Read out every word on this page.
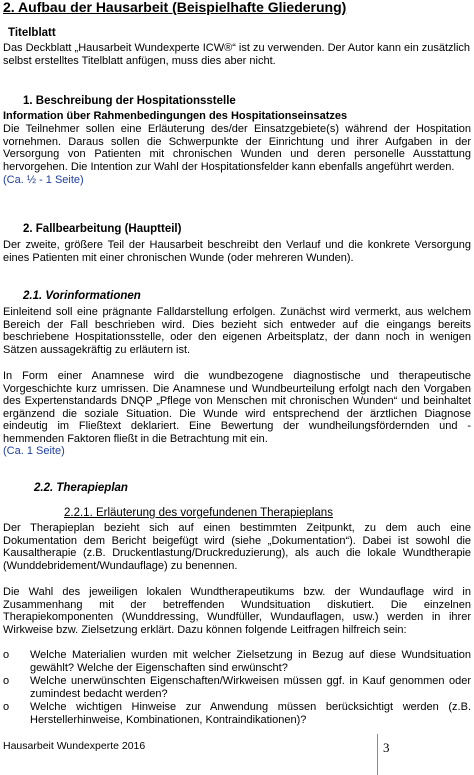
2. Aufbau der Hausarbeit (Beispielhafte Gliederung)
Titelblatt
Das Deckblatt „Hausarbeit Wundexperte ICW®“ ist zu verwenden. Der Autor kann ein zusätzlich selbst erstelltes Titelblatt anfügen, muss dies aber nicht.
1. Beschreibung der Hospitationsstelle
Information über Rahmenbedingungen des Hospitationseinsatzes
Die Teilnehmer sollen eine Erläuterung des/der Einsatzgebiete(s) während der Hospitation vornehmen. Daraus sollen die Schwerpunkte der Einrichtung und ihrer Aufgaben in der Versorgung von Patienten mit chronischen Wunden und deren personelle Ausstattung hervorgehen. Die Intention zur Wahl der Hospitationsfelder kann ebenfalls angeführt werden.
(Ca. ½ - 1 Seite)
2. Fallbearbeitung (Hauptteil)
Der zweite, größere Teil der Hausarbeit beschreibt den Verlauf und die konkrete Versorgung eines Patienten mit einer chronischen Wunde (oder mehreren Wunden).
2.1. Vorinformationen
Einleitend soll eine prägnante Falldarstellung erfolgen. Zunächst wird vermerkt, aus welchem Bereich der Fall beschrieben wird. Dies bezieht sich entweder auf die eingangs bereits beschriebene Hospitationsstelle, oder den eigenen Arbeitsplatz, der dann noch in wenigen Sätzen aussagekräftig zu erläutern ist.
In Form einer Anamnese wird die wundbezogene diagnostische und therapeutische Vorgeschichte kurz umrissen. Die Anamnese und Wundbeurteilung erfolgt nach den Vorgaben des Expertenstandards DNQP „Pflege von Menschen mit chronischen Wunden“ und beinhaltet ergänzend die soziale Situation. Die Wunde wird entsprechend der ärztlichen Diagnose eindeutig im Fließtext deklariert. Eine Bewertung der wundheilungsfördernden und -hemmenden Faktoren fließt in die Betrachtung mit ein.
(Ca. 1 Seite)
2.2. Therapieplan
2.2.1. Erläuterung des vorgefundenen Therapieplans
Der Therapieplan bezieht sich auf einen bestimmten Zeitpunkt, zu dem auch eine Dokumentation dem Bericht beigefügt wird (siehe „Dokumentation“). Dabei ist sowohl die Kausaltherapie (z.B. Druckentlastung/Druckreduzierung), als auch die lokale Wundtherapie (Wunddebridement/Wundauflage) zu benennen.
Die Wahl des jeweiligen lokalen Wundtherapeutikums bzw. der Wundauflage wird in Zusammenhang mit der betreffenden Wundsituation diskutiert. Die einzelnen Therapiekomponenten (Wunddressing, Wundfüller, Wundauflagen, usw.) werden in ihrer Wirkweise bzw. Zielsetzung erklärt. Dazu können folgende Leitfragen hilfreich sein:
o Welche Materialien wurden mit welcher Zielsetzung in Bezug auf diese Wundsituation gewählt? Welche der Eigenschaften sind erwünscht?
o Welche unerwünschten Eigenschaften/Wirkweisen müssen ggf. in Kauf genommen oder zumindest bedacht werden?
o Welche wichtigen Hinweise zur Anwendung müssen berücksichtigt werden (z.B. Herstellerhinweise, Kombinationen, Kontraindikationen)?
Hausarbeit Wundexperte 2016	3
